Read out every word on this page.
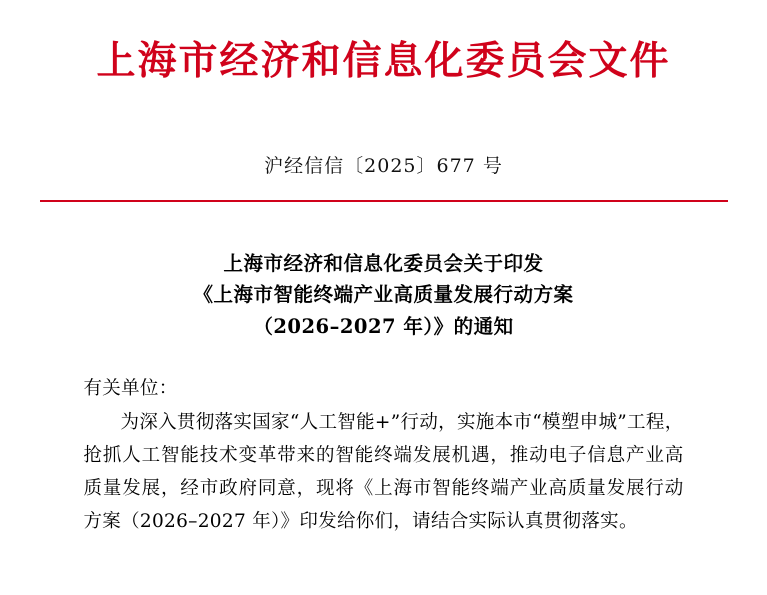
上海市经济和信息化委员会文件
沪经信信〔2025〕677 号
上海市经济和信息化委员会关于印发
《上海市智能终端产业高质量发展行动方案
（2026–2027 年）》的通知
有关单位：
为深入贯彻落实国家“人工智能+”行动，实施本市“模塑申城”工程，抢抓人工智能技术变革带来的智能终端发展机遇，推动电子信息产业高质量发展，经市政府同意，现将《上海市智能终端产业高质量发展行动方案（2026–2027 年）》印发给你们，请结合实际认真贯彻落实。
